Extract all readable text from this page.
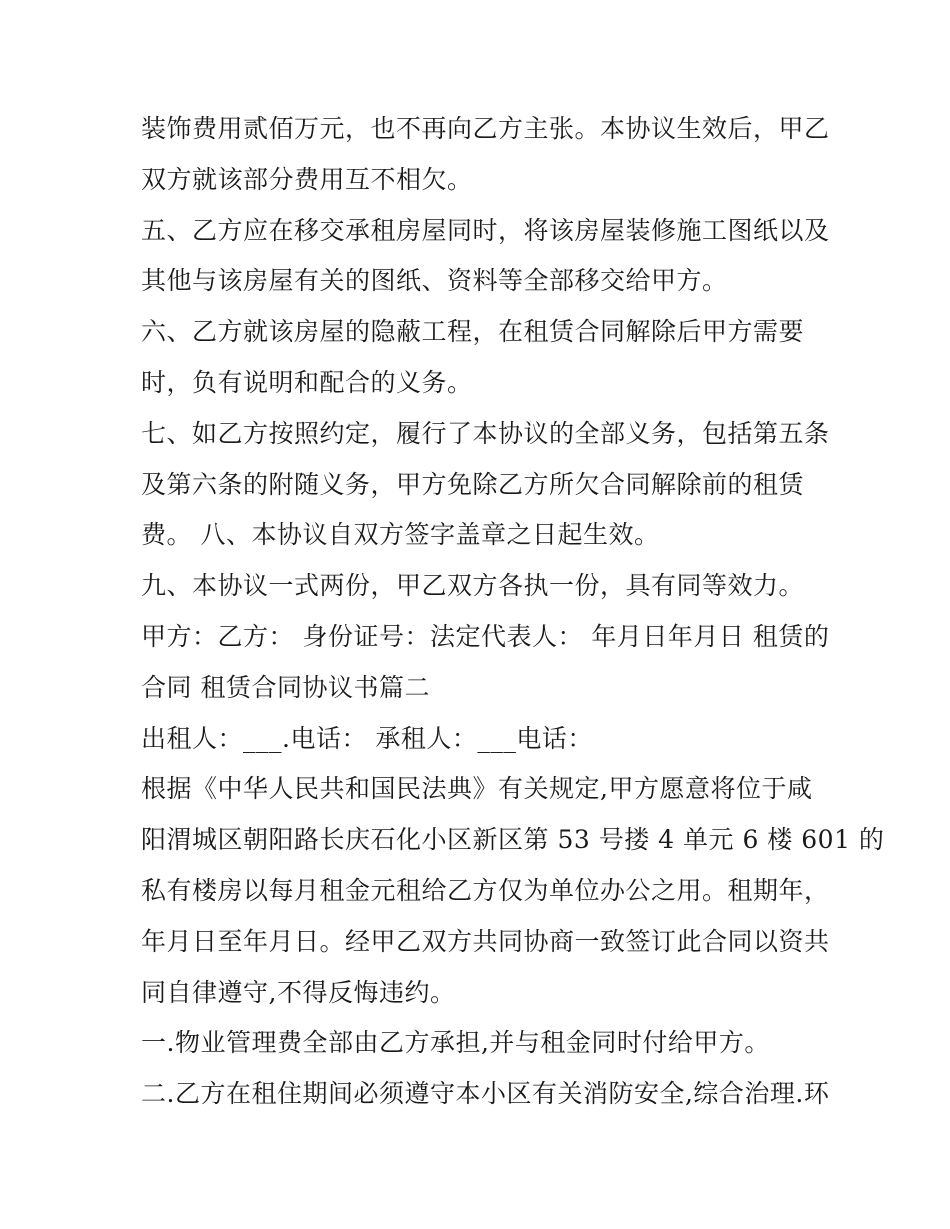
装饰费用贰佰万元，也不再向乙方主张。本协议生效后，甲乙
双方就该部分费用互不相欠。
五、乙方应在移交承租房屋同时，将该房屋装修施工图纸以及
其他与该房屋有关的图纸、资料等全部移交给甲方。
六、乙方就该房屋的隐蔽工程，在租赁合同解除后甲方需要
时，负有说明和配合的义务。
七、如乙方按照约定，履行了本协议的全部义务，包括第五条
及第六条的附随义务，甲方免除乙方所欠合同解除前的租赁
费。 八、本协议自双方签字盖章之日起生效。
九、本协议一式两份，甲乙双方各执一份，具有同等效力。
甲方：乙方： 身份证号：法定代表人： 年月日年月日 租赁的
合同 租赁合同协议书篇二
出租人：___.电话： 承租人：___电话：
根据《中华人民共和国民法典》有关规定,甲方愿意将位于咸
阳渭城区朝阳路长庆石化小区新区第 53 号搂 4 单元 6 楼 601 的
私有楼房以每月租金元租给乙方仅为单位办公之用。租期年，
年月日至年月日。经甲乙双方共同协商一致签订此合同以资共
同自律遵守,不得反悔违约。
一.物业管理费全部由乙方承担,并与租金同时付给甲方。
二.乙方在租住期间必须遵守本小区有关消防安全,综合治理.环
